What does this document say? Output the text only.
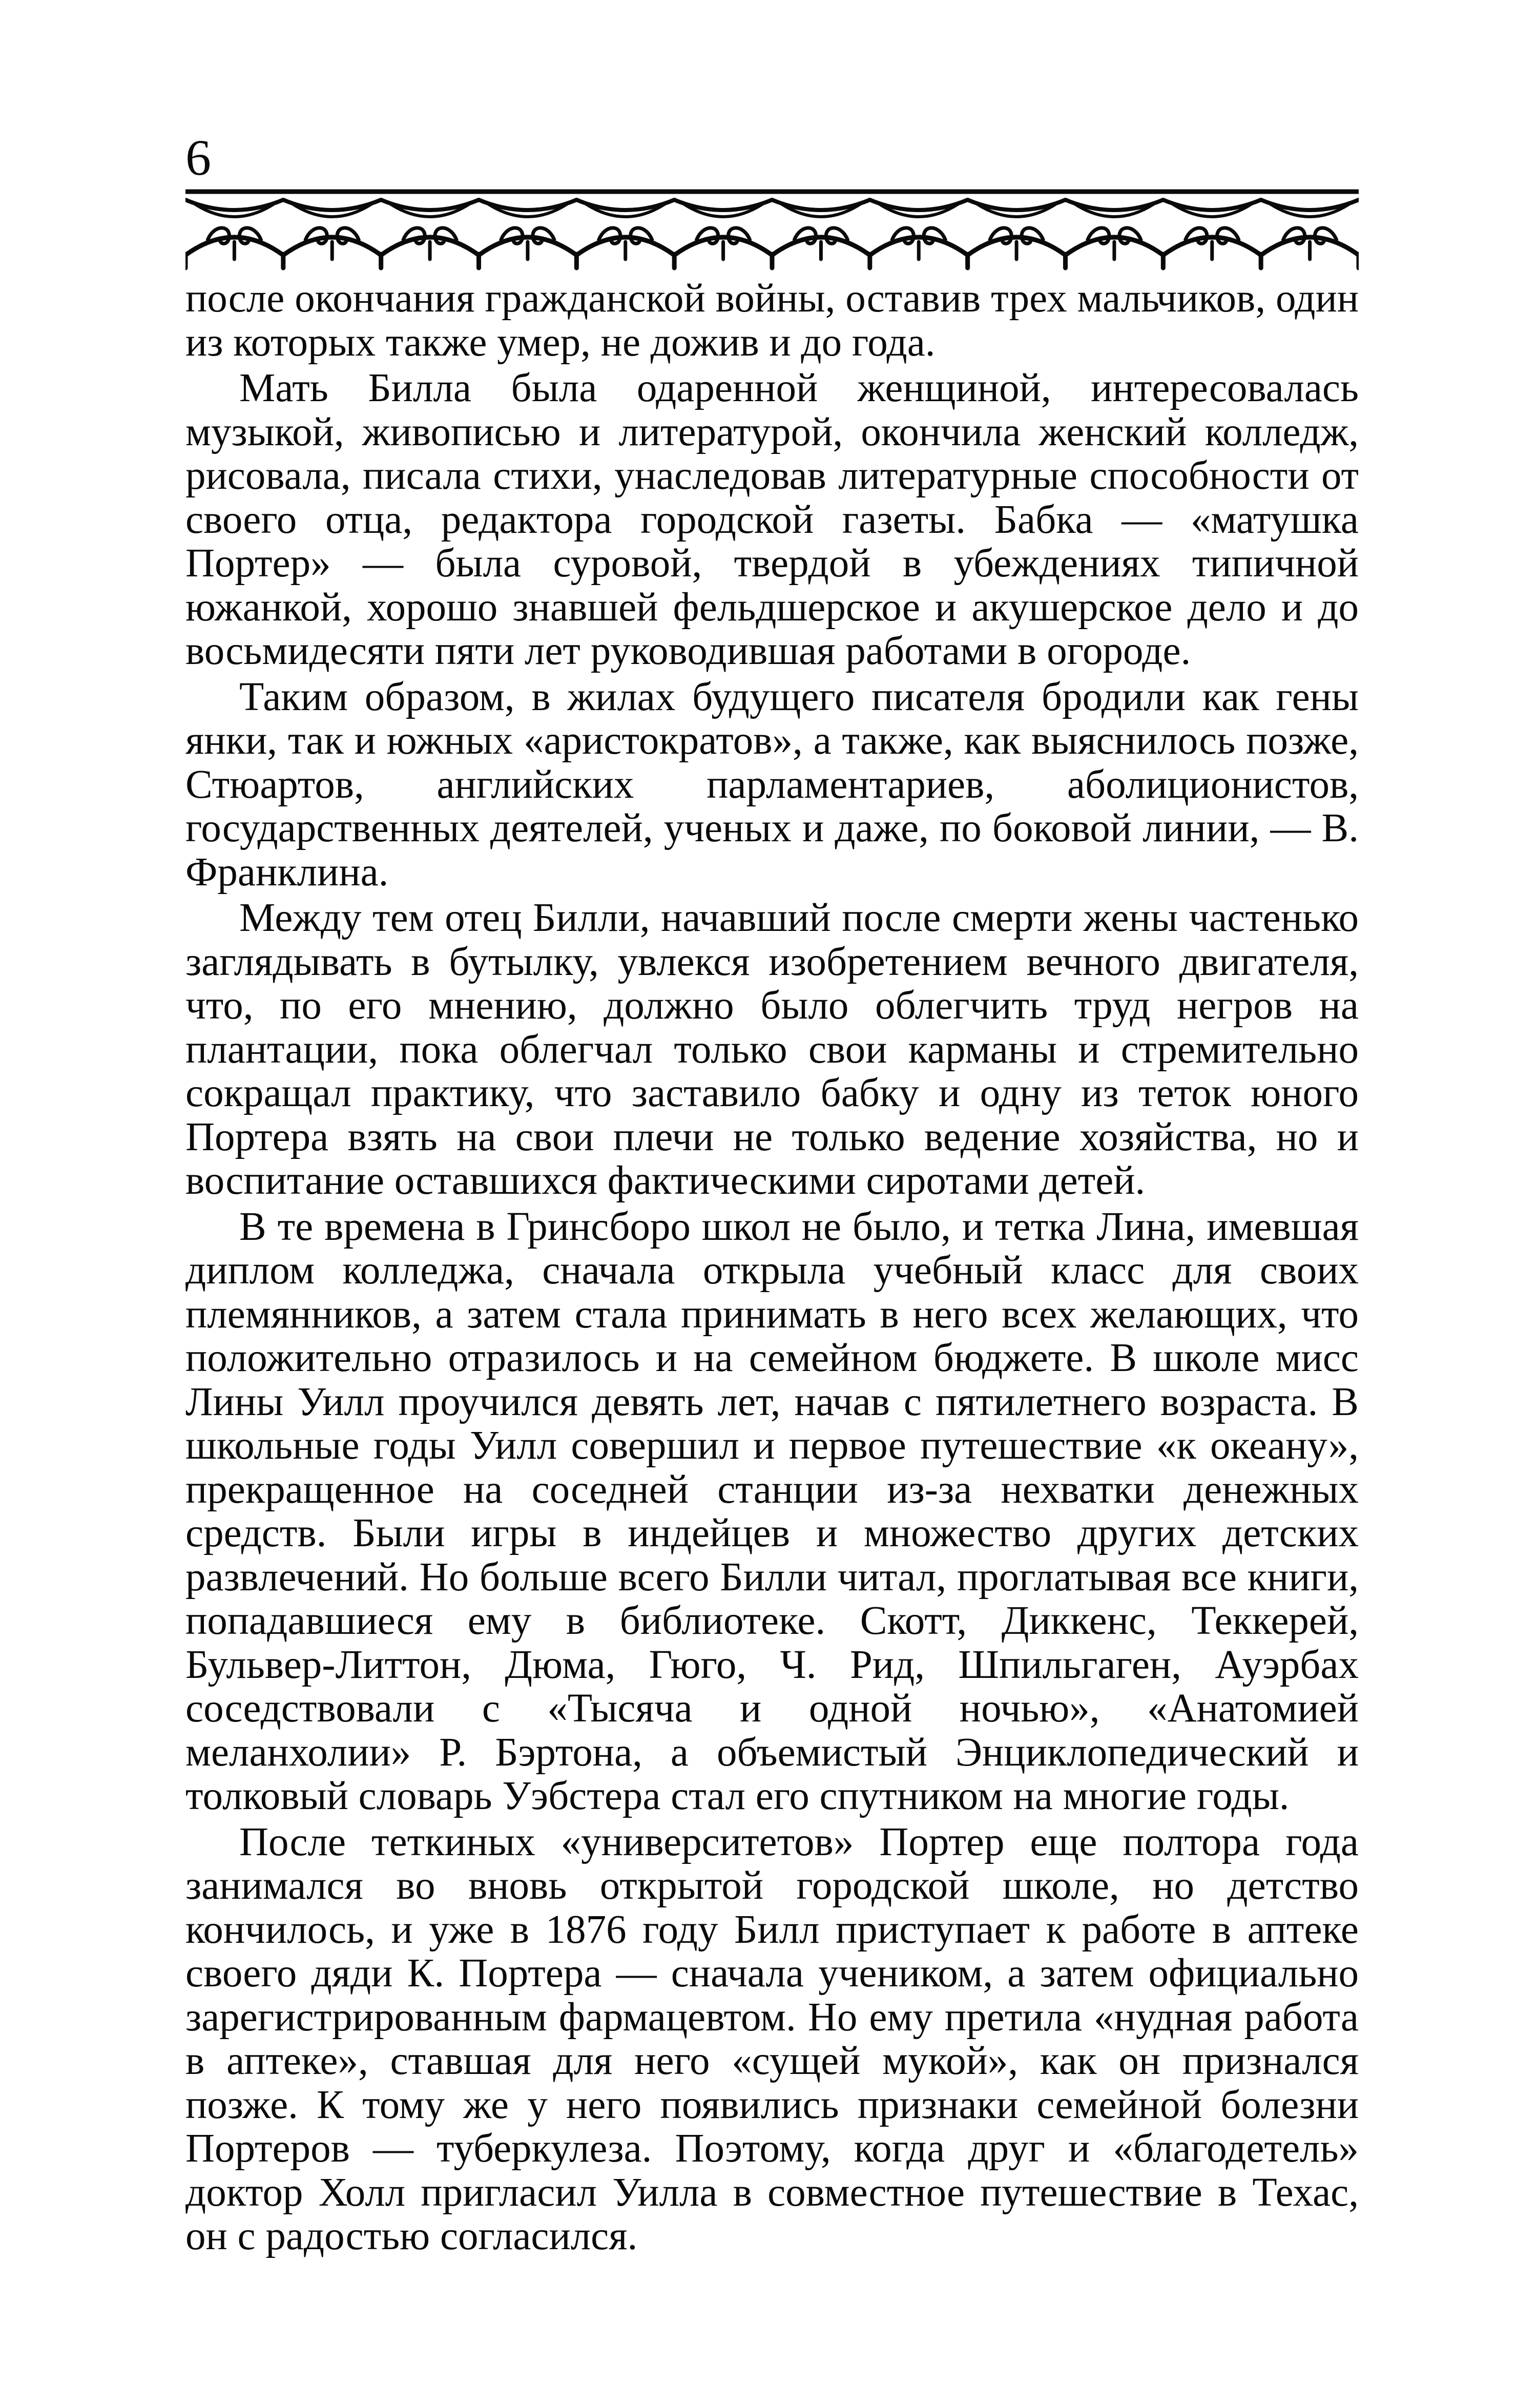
6

после окончания гражданской войны, оставив трех мальчиков, один из которых также умер, не дожив и до года.

Мать Билла была одаренной женщиной, интересовалась музыкой, живописью и литературой, окончила женский колледж, рисовала, писала стихи, унаследовав литературные способности от своего отца, редактора городской газеты. Бабка — «матушка Портер» — была суровой, твердой в убеждениях типичной южанкой, хорошо знавшей фельдшерское и акушерское дело и до восьмидесяти пяти лет руководившая работами в огороде.

Таким образом, в жилах будущего писателя бродили как гены янки, так и южных «аристократов», а также, как выяснилось позже, Стюартов, английских парламентариев, аболиционистов, государственных деятелей, ученых и даже, по боковой линии, — В. Франклина.

Между тем отец Билли, начавший после смерти жены частенько заглядывать в бутылку, увлекся изобретением вечного двигателя, что, по его мнению, должно было облегчить труд негров на плантации, пока облегчал только свои карманы и стремительно сокращал практику, что заставило бабку и одну из теток юного Портера взять на свои плечи не только ведение хозяйства, но и воспитание оставшихся фактическими сиротами детей.

В те времена в Гринсборо школ не было, и тетка Лина, имевшая диплом колледжа, сначала открыла учебный класс для своих племянников, а затем стала принимать в него всех желающих, что положительно отразилось и на семейном бюджете. В школе мисс Лины Уилл проучился девять лет, начав с пятилетнего возраста. В школьные годы Уилл совершил и первое путешествие «к океану», прекращенное на соседней станции из-за нехватки денежных средств. Были игры в индейцев и множество других детских развлечений. Но больше всего Билли читал, проглатывая все книги, попадавшиеся ему в библиотеке. Скотт, Диккенс, Теккерей, Бульвер-Литтон, Дюма, Гюго, Ч. Рид, Шпильгаген, Ауэрбах соседствовали с «Тысяча и одной ночью», «Анатомией меланхолии» Р. Бэртона, а объемистый Энциклопедический и толковый словарь Уэбстера стал его спутником на многие годы.

После теткиных «университетов» Портер еще полтора года занимался во вновь открытой городской школе, но детство кончилось, и уже в 1876 году Билл приступает к работе в аптеке своего дяди К. Портера — сначала учеником, а затем официально зарегистрированным фармацевтом. Но ему претила «нудная работа в аптеке», ставшая для него «сущей мукой», как он признался позже. К тому же у него появились признаки семейной болезни Портеров — туберкулеза. Поэтому, когда друг и «благодетель» доктор Холл пригласил Уилла в совместное путешествие в Техас, он с радостью согласился.
